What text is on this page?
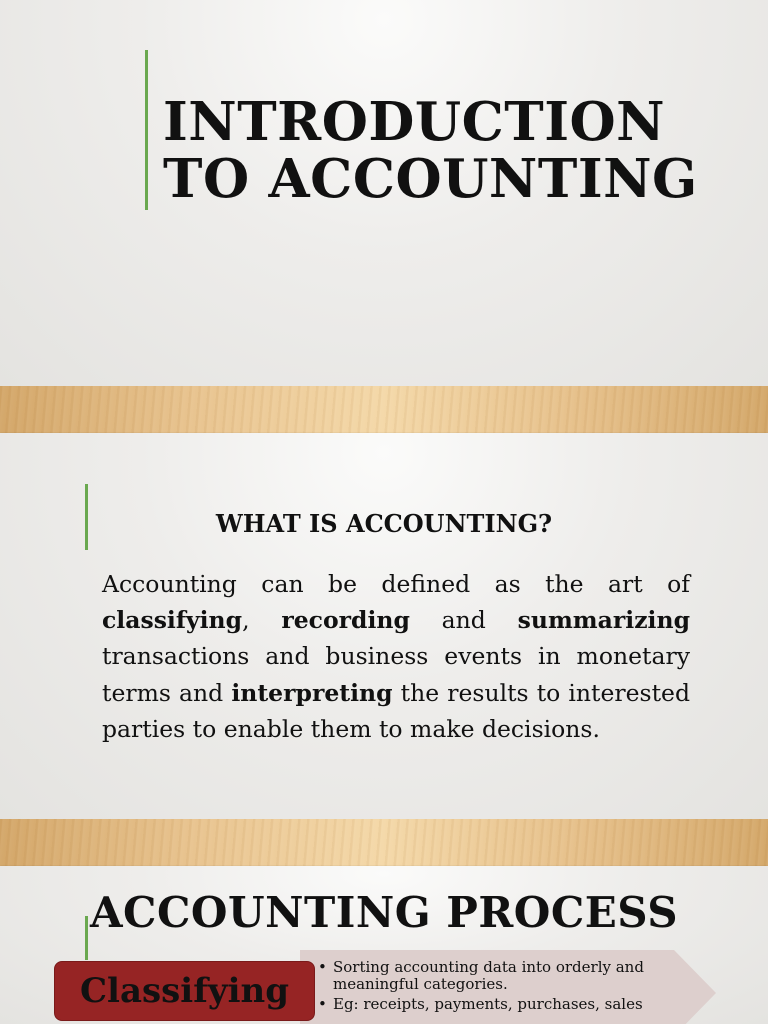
INTRODUCTION
TO ACCOUNTING
WHAT IS ACCOUNTING?

Accounting can be defined as the art of classifying, recording and summarizing transactions and business events in monetary terms and interpreting the results to interested parties to enable them to make decisions.

ACCOUNTING PROCESS
Classifying
• Sorting accounting data into orderly and meaningful categories.
• Eg: receipts, payments, purchases, sales
